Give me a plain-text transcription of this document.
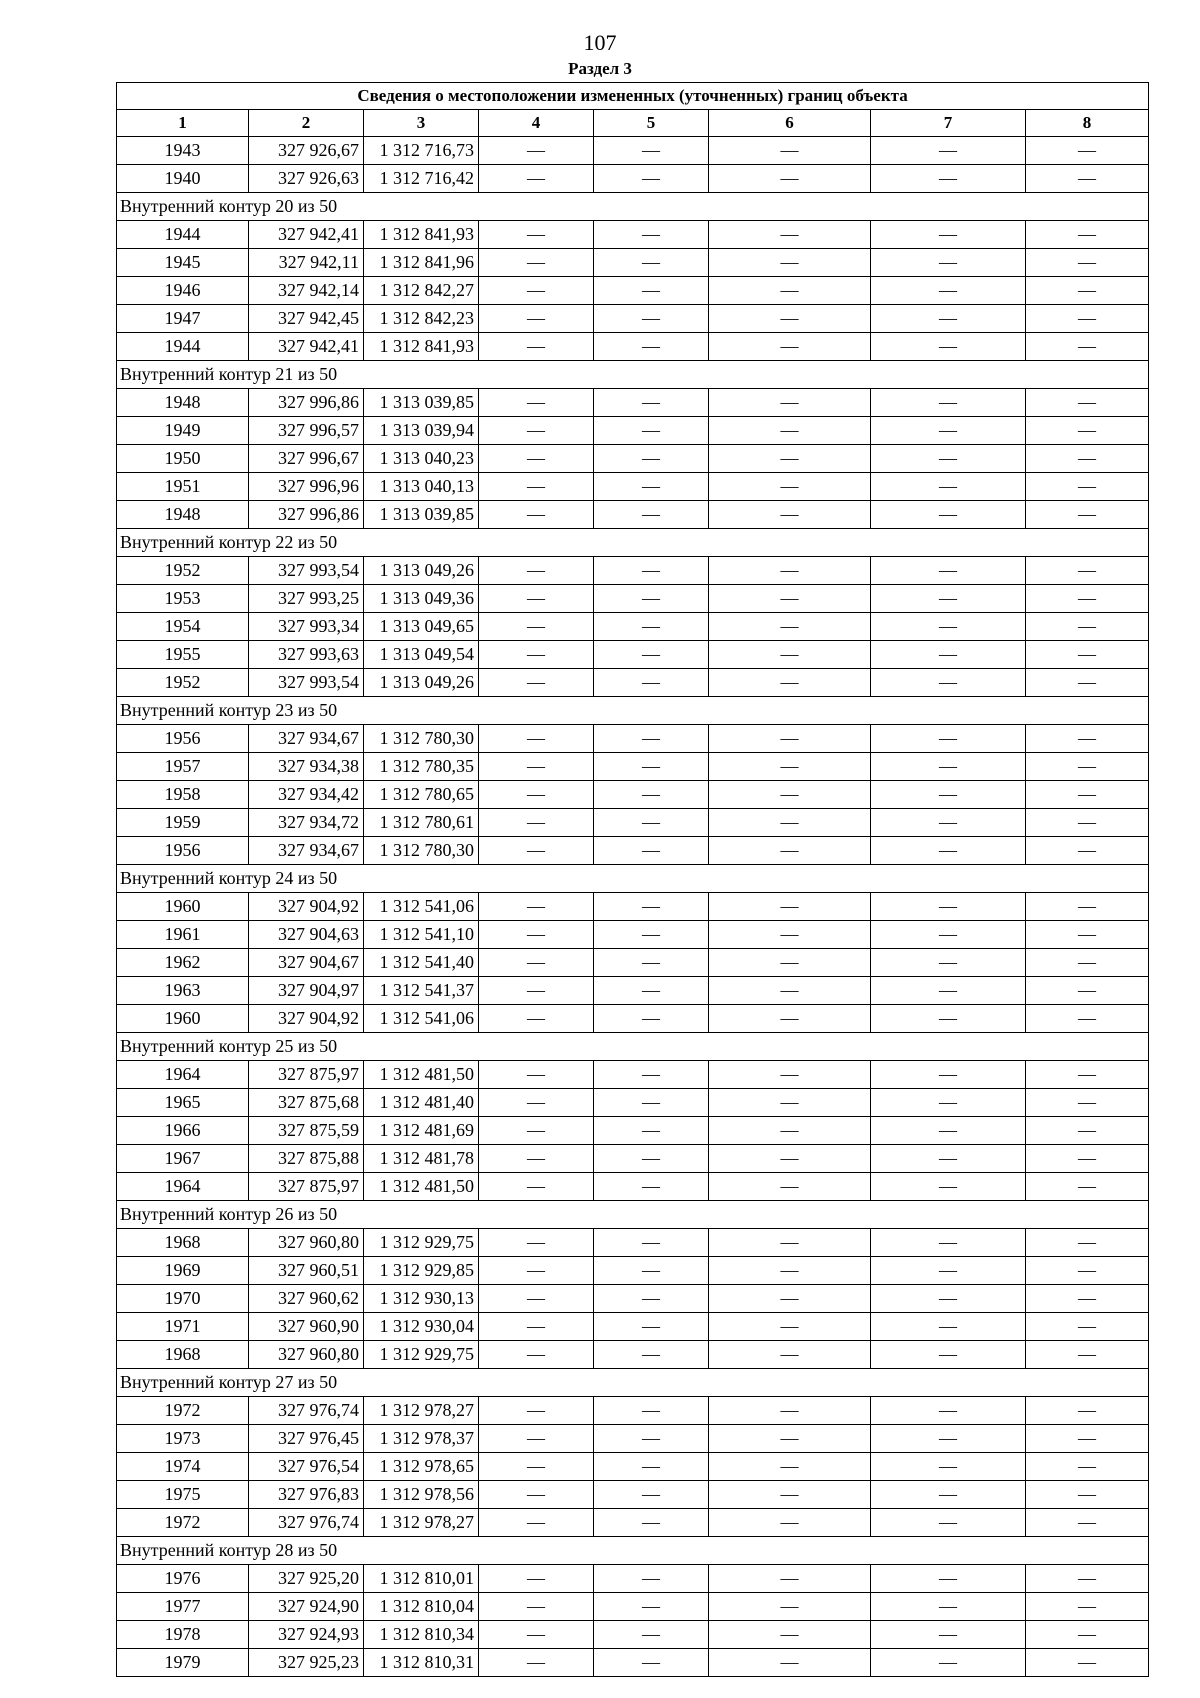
107
Раздел 3
Сведения о местоположении измененных (уточненных) границ объекта							
1	2	3	4	5	6	7	8
1943	327 926,67	1 312 716,73	—	—	—	—	—
1940	327 926,63	1 312 716,42	—	—	—	—	—
Внутренний контур 20 из 50							
1944	327 942,41	1 312 841,93	—	—	—	—	—
1945	327 942,11	1 312 841,96	—	—	—	—	—
1946	327 942,14	1 312 842,27	—	—	—	—	—
1947	327 942,45	1 312 842,23	—	—	—	—	—
1944	327 942,41	1 312 841,93	—	—	—	—	—
Внутренний контур 21 из 50							
1948	327 996,86	1 313 039,85	—	—	—	—	—
1949	327 996,57	1 313 039,94	—	—	—	—	—
1950	327 996,67	1 313 040,23	—	—	—	—	—
1951	327 996,96	1 313 040,13	—	—	—	—	—
1948	327 996,86	1 313 039,85	—	—	—	—	—
Внутренний контур 22 из 50							
1952	327 993,54	1 313 049,26	—	—	—	—	—
1953	327 993,25	1 313 049,36	—	—	—	—	—
1954	327 993,34	1 313 049,65	—	—	—	—	—
1955	327 993,63	1 313 049,54	—	—	—	—	—
1952	327 993,54	1 313 049,26	—	—	—	—	—
Внутренний контур 23 из 50							
1956	327 934,67	1 312 780,30	—	—	—	—	—
1957	327 934,38	1 312 780,35	—	—	—	—	—
1958	327 934,42	1 312 780,65	—	—	—	—	—
1959	327 934,72	1 312 780,61	—	—	—	—	—
1956	327 934,67	1 312 780,30	—	—	—	—	—
Внутренний контур 24 из 50							
1960	327 904,92	1 312 541,06	—	—	—	—	—
1961	327 904,63	1 312 541,10	—	—	—	—	—
1962	327 904,67	1 312 541,40	—	—	—	—	—
1963	327 904,97	1 312 541,37	—	—	—	—	—
1960	327 904,92	1 312 541,06	—	—	—	—	—
Внутренний контур 25 из 50							
1964	327 875,97	1 312 481,50	—	—	—	—	—
1965	327 875,68	1 312 481,40	—	—	—	—	—
1966	327 875,59	1 312 481,69	—	—	—	—	—
1967	327 875,88	1 312 481,78	—	—	—	—	—
1964	327 875,97	1 312 481,50	—	—	—	—	—
Внутренний контур 26 из 50							
1968	327 960,80	1 312 929,75	—	—	—	—	—
1969	327 960,51	1 312 929,85	—	—	—	—	—
1970	327 960,62	1 312 930,13	—	—	—	—	—
1971	327 960,90	1 312 930,04	—	—	—	—	—
1968	327 960,80	1 312 929,75	—	—	—	—	—
Внутренний контур 27 из 50							
1972	327 976,74	1 312 978,27	—	—	—	—	—
1973	327 976,45	1 312 978,37	—	—	—	—	—
1974	327 976,54	1 312 978,65	—	—	—	—	—
1975	327 976,83	1 312 978,56	—	—	—	—	—
1972	327 976,74	1 312 978,27	—	—	—	—	—
Внутренний контур 28 из 50							
1976	327 925,20	1 312 810,01	—	—	—	—	—
1977	327 924,90	1 312 810,04	—	—	—	—	—
1978	327 924,93	1 312 810,34	—	—	—	—	—
1979	327 925,23	1 312 810,31	—	—	—	—	—
